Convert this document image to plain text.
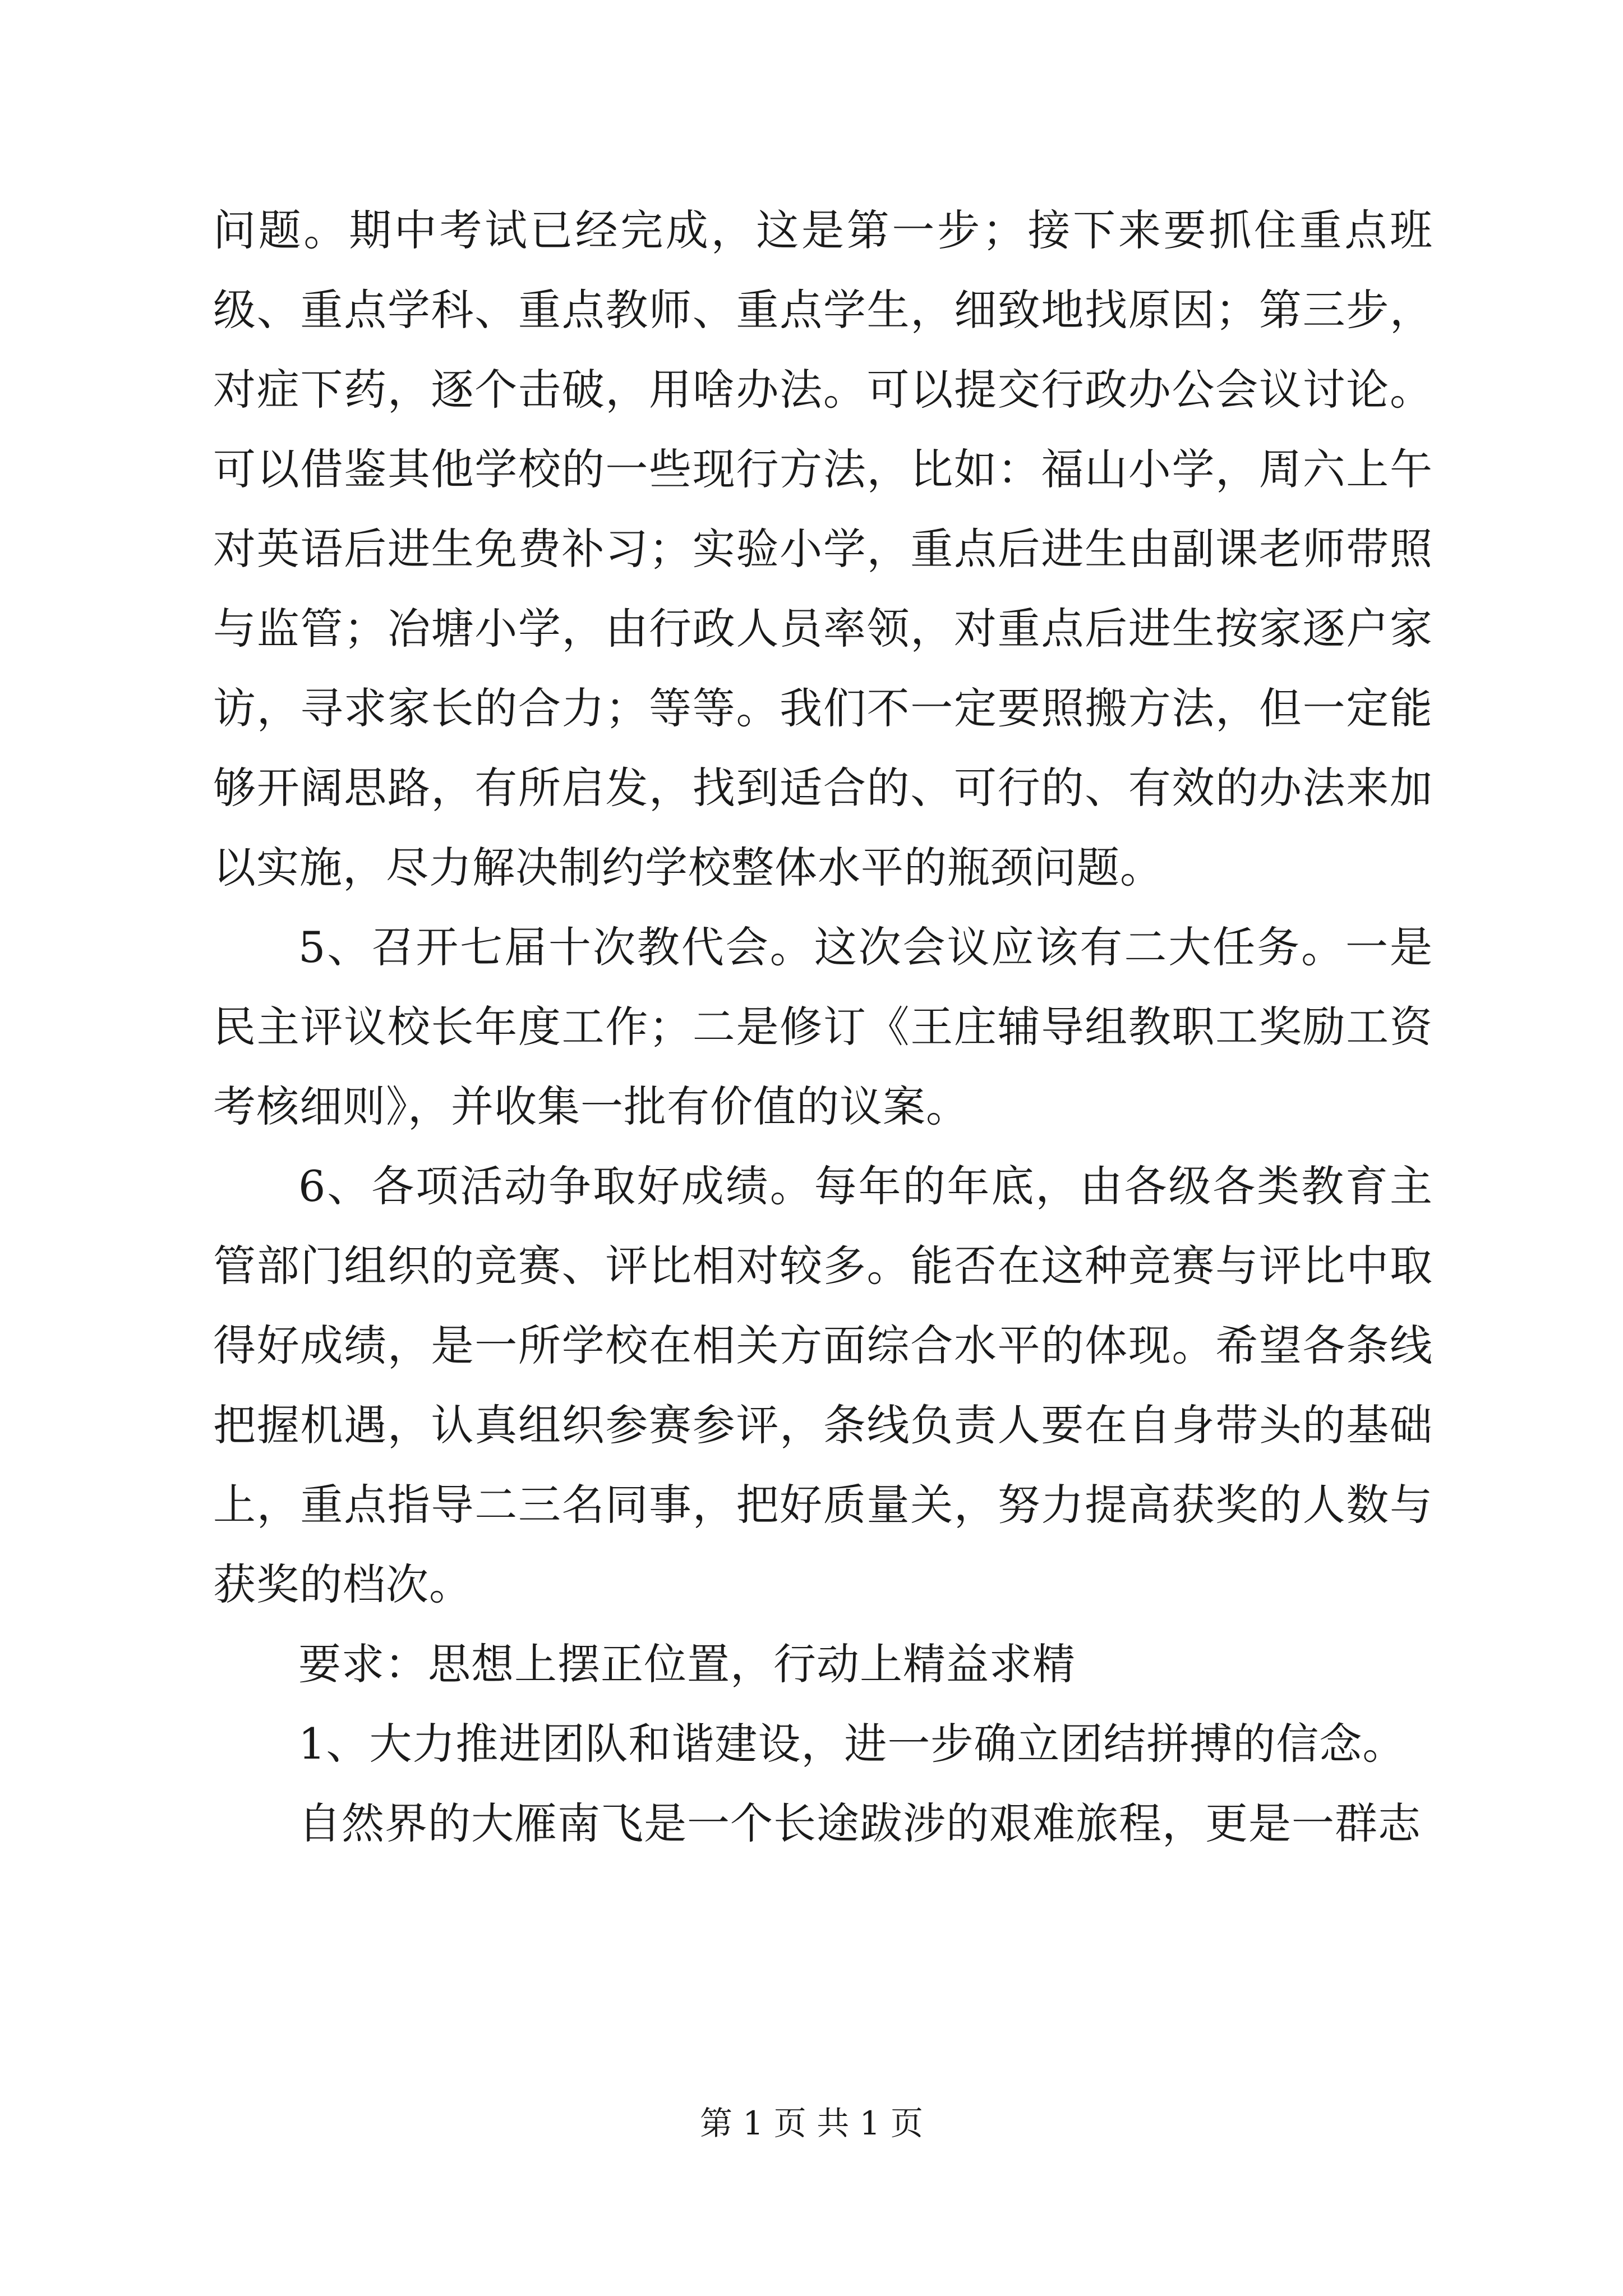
问题。期中考试已经完成，这是第一步；接下来要抓住重点班级、重点学科、重点教师、重点学生，细致地找原因；第三步，对症下药，逐个击破，用啥办法。可以提交行政办公会议讨论。可以借鉴其他学校的一些现行方法，比如：福山小学，周六上午对英语后进生免费补习；实验小学，重点后进生由副课老师带照与监管；冶塘小学，由行政人员率领，对重点后进生按家逐户家访，寻求家长的合力；等等。我们不一定要照搬方法，但一定能够开阔思路，有所启发，找到适合的、可行的、有效的办法来加以实施，尽力解决制约学校整体水平的瓶颈问题。

5、召开七届十次教代会。这次会议应该有二大任务。一是民主评议校长年度工作；二是修订《王庄辅导组教职工奖励工资考核细则》，并收集一批有价值的议案。

6、各项活动争取好成绩。每年的年底，由各级各类教育主管部门组织的竞赛、评比相对较多。能否在这种竞赛与评比中取得好成绩，是一所学校在相关方面综合水平的体现。希望各条线把握机遇，认真组织参赛参评，条线负责人要在自身带头的基础上，重点指导二三名同事，把好质量关，努力提高获奖的人数与获奖的档次。

要求：思想上摆正位置，行动上精益求精

1、大力推进团队和谐建设，进一步确立团结拼搏的信念。

自然界的大雁南飞是一个长途跋涉的艰难旅程，更是一群志

第 1 页 共 1 页
